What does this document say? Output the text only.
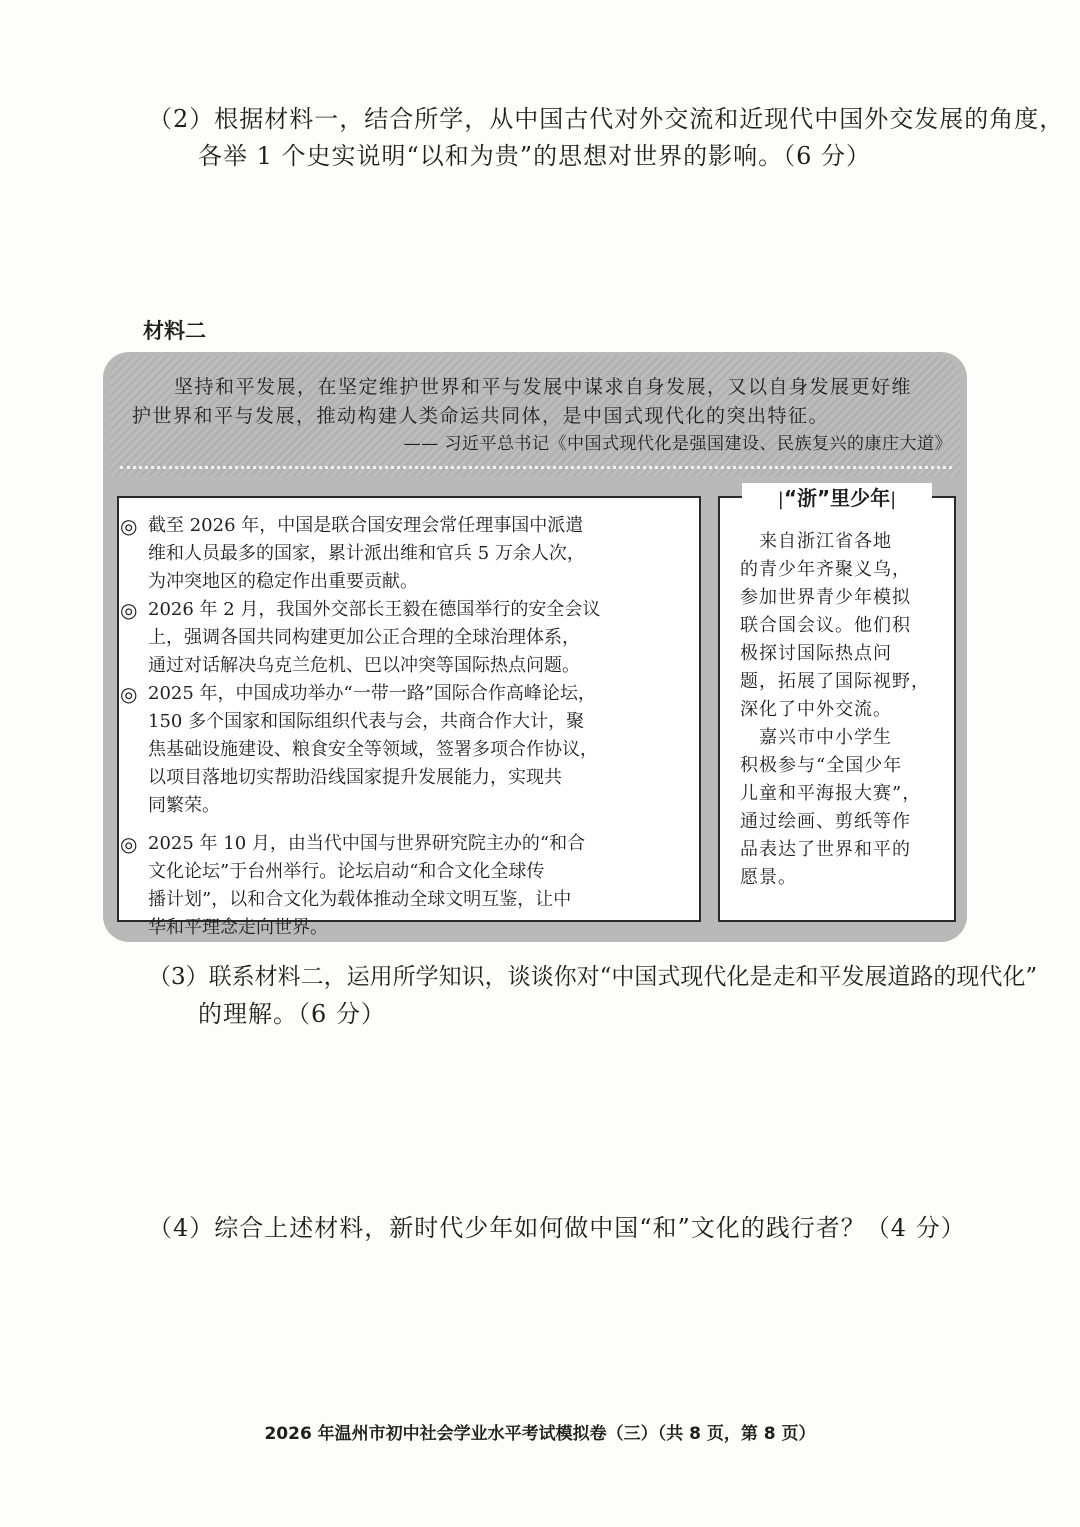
（2）根据材料一，结合所学，从中国古代对外交流和近现代中国外交发展的角度，
各举 1 个史实说明“以和为贵”的思想对世界的影响。（6 分）
材料二
坚持和平发展，在坚定维护世界和平与发展中谋求自身发展，又以自身发展更好维
护世界和平与发展，推动构建人类命运共同体，是中国式现代化的突出特征。
—— 习近平总书记《中国式现代化是强国建设、民族复兴的康庄大道》
◎ 截至 2026 年，中国是联合国安理会常任理事国中派遣
维和人员最多的国家，累计派出维和官兵 5 万余人次，
为冲突地区的稳定作出重要贡献。
◎ 2026 年 2 月，我国外交部长王毅在德国举行的安全会议
上，强调各国共同构建更加公正合理的全球治理体系，
通过对话解决乌克兰危机、巴以冲突等国际热点问题。
◎ 2025 年，中国成功举办“一带一路”国际合作高峰论坛，
150 多个国家和国际组织代表与会，共商合作大计，聚
焦基础设施建设、粮食安全等领域，签署多项合作协议，
以项目落地切实帮助沿线国家提升发展能力，实现共
同繁荣。
◎ 2025 年 10 月，由当代中国与世界研究院主办的“和合
文化论坛”于台州举行。论坛启动“和合文化全球传
播计划”，以和合文化为载体推动全球文明互鉴，让中
华和平理念走向世界。
|“浙”里少年|
　来自浙江省各地
的青少年齐聚义乌，
参加世界青少年模拟
联合国会议。他们积
极探讨国际热点问
题，拓展了国际视野，
深化了中外交流。
　嘉兴市中小学生
积极参与“全国少年
儿童和平海报大赛”，
通过绘画、剪纸等作
品表达了世界和平的
愿景。
（3）联系材料二，运用所学知识，谈谈你对“中国式现代化是走和平发展道路的现代化”
的理解。（6 分）
（4）综合上述材料，新时代少年如何做中国“和”文化的践行者？（4 分）
2026 年温州市初中社会学业水平考试模拟卷（三）（共 8 页，第 8 页）
